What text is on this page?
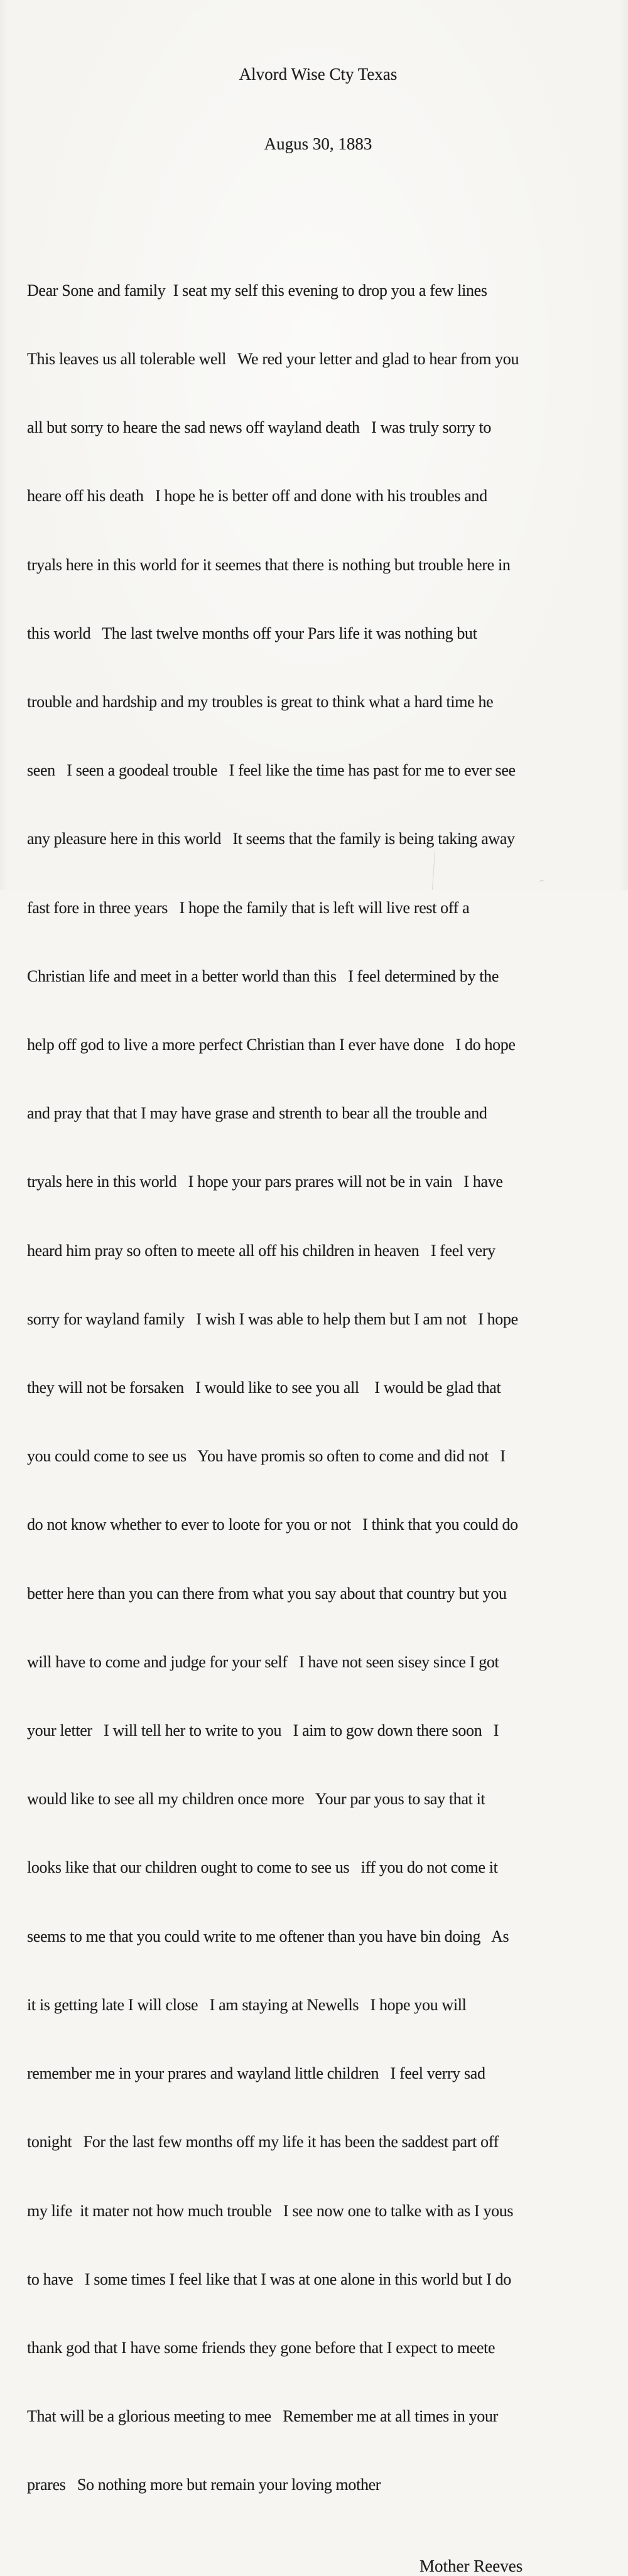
Alvord Wise Cty Texas

Augus 30, 1883

Dear Sone and family  I seat my self this evening to drop you a few lines

This leaves us all tolerable well   We red your letter and glad to hear from you

all but sorry to heare the sad news off wayland death   I was truly sorry to

heare off his death   I hope he is better off and done with his troubles and

tryals here in this world for it seemes that there is nothing but trouble here in

this world   The last twelve months off your Pars life it was nothing but

trouble and hardship and my troubles is great to think what a hard time he

seen   I seen a goodeal trouble   I feel like the time has past for me to ever see

any pleasure here in this world   It seems that the family is being taking away

fast fore in three years   I hope the family that is left will live rest off a

Christian life and meet in a better world than this   I feel determined by the

help off god to live a more perfect Christian than I ever have done   I do hope

and pray that that I may have grase and strenth to bear all the trouble and

tryals here in this world   I hope your pars prares will not be in vain   I have

heard him pray so often to meete all off his children in heaven   I feel very

sorry for wayland family   I wish I was able to help them but I am not   I hope

they will not be forsaken   I would like to see you all    I would be glad that

you could come to see us   You have promis so often to come and did not   I

do not know whether to ever to loote for you or not   I think that you could do

better here than you can there from what you say about that country but you

will have to come and judge for your self   I have not seen sisey since I got

your letter   I will tell her to write to you   I aim to gow down there soon   I

would like to see all my children once more   Your par yous to say that it

looks like that our children ought to come to see us   iff you do not come it

seems to me that you could write to me oftener than you have bin doing   As

it is getting late I will close   I am staying at Newells   I hope you will

remember me in your prares and wayland little children   I feel verry sad

tonight   For the last few months off my life it has been the saddest part off

my life  it mater not how much trouble   I see now one to talke with as I yous

to have   I some times I feel like that I was at one alone in this world but I do

thank god that I have some friends they gone before that I expect to meete

That will be a glorious meeting to mee   Remember me at all times in your

prares   So nothing more but remain your loving mother

Mother Reeves
